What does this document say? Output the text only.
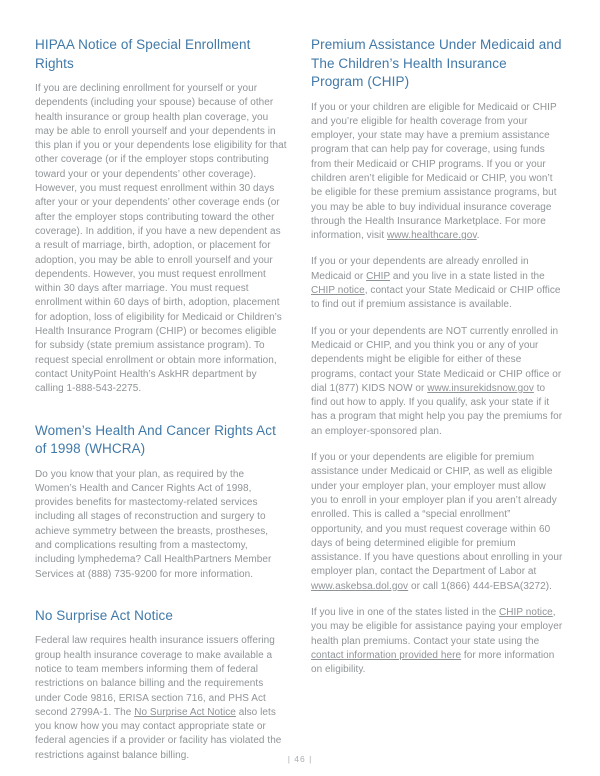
HIPAA Notice of Special Enrollment Rights

If you are declining enrollment for yourself or your dependents (including your spouse) because of other health insurance or group health plan coverage, you may be able to enroll yourself and your dependents in this plan if you or your dependents lose eligibility for that other coverage (or if the employer stops contributing toward your or your dependents’ other coverage). However, you must request enrollment within 30 days after your or your dependents’ other coverage ends (or after the employer stops contributing toward the other coverage). In addition, if you have a new dependent as a result of marriage, birth, adoption, or placement for adoption, you may be able to enroll yourself and your dependents. However, you must request enrollment within 30 days after marriage. You must request enrollment within 60 days of birth, adoption, placement for adoption, loss of eligibility for Medicaid or Children’s Health Insurance Program (CHIP) or becomes eligible for subsidy (state premium assistance program). To request special enrollment or obtain more information, contact UnityPoint Health’s AskHR department by calling 1-888-543-2275.

Women’s Health And Cancer Rights Act of 1998 (WHCRA)

Do you know that your plan, as required by the Women’s Health and Cancer Rights Act of 1998, provides benefits for mastectomy-related services including all stages of reconstruction and surgery to achieve symmetry between the breasts, prostheses, and complications resulting from a mastectomy, including lymphedema? Call HealthPartners Member Services at (888) 735-9200 for more information.

No Surprise Act Notice

Federal law requires health insurance issuers offering group health insurance coverage to make available a notice to team members informing them of federal restrictions on balance billing and the requirements under Code 9816, ERISA section 716, and PHS Act second 2799A-1. The No Surprise Act Notice also lets you know how you may contact appropriate state or federal agencies if a provider or facility has violated the restrictions against balance billing.

Premium Assistance Under Medicaid and The Children’s Health Insurance Program (CHIP)

If you or your children are eligible for Medicaid or CHIP and you’re eligible for health coverage from your employer, your state may have a premium assistance program that can help pay for coverage, using funds from their Medicaid or CHIP programs. If you or your children aren’t eligible for Medicaid or CHIP, you won’t be eligible for these premium assistance programs, but you may be able to buy individual insurance coverage through the Health Insurance Marketplace. For more information, visit www.healthcare.gov.

If you or your dependents are already enrolled in Medicaid or CHIP and you live in a state listed in the CHIP notice, contact your State Medicaid or CHIP office to find out if premium assistance is available.

If you or your dependents are NOT currently enrolled in Medicaid or CHIP, and you think you or any of your dependents might be eligible for either of these programs, contact your State Medicaid or CHIP office or dial 1(877) KIDS NOW or www.insurekidsnow.gov to find out how to apply. If you qualify, ask your state if it has a program that might help you pay the premiums for an employer-sponsored plan.

If you or your dependents are eligible for premium assistance under Medicaid or CHIP, as well as eligible under your employer plan, your employer must allow you to enroll in your employer plan if you aren’t already enrolled. This is called a “special enrollment” opportunity, and you must request coverage within 60 days of being determined eligible for premium assistance. If you have questions about enrolling in your employer plan, contact the Department of Labor at www.askebsa.dol.gov or call 1(866) 444-EBSA(3272).

If you live in one of the states listed in the CHIP notice, you may be eligible for assistance paying your employer health plan premiums. Contact your state using the contact information provided here for more information on eligibility.

| 46 |
